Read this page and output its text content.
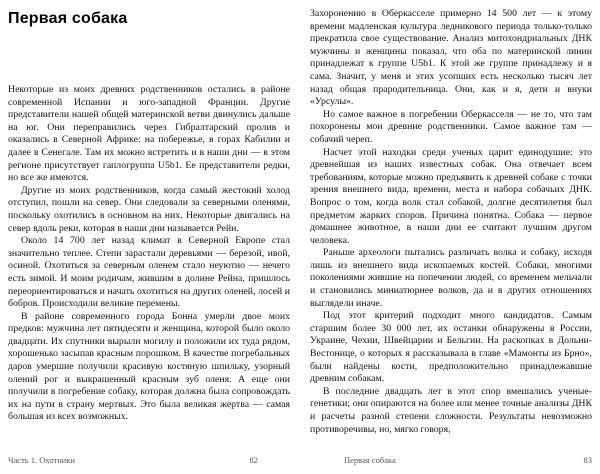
Первая собака

Некоторые из моих древних родственников остались в районе современной Испании и юго-западной Франции. Другие представители нашей общей материнской ветви двинулись дальше на юг. Они переправились через Гибралтарский пролив и оказались в Северной Африке: на побережье, в горах Кабилии и далее в Сенегале. Там их можно встретить и в наши дни — в этом регионе присутствует гаплогруппа U5b1. Ее представители редки, но все же имеются.

Другие из моих родственников, когда самый жестокий холод отступил, пошли на север. Они следовали за северными оленями, поскольку охотились в основном на них. Некоторые двигались на север вдоль реки, которая в наши дни называется Рейн.

Около 14 700 лет назад климат в Северной Европе стал значительно теплее. Степи зарастали деревьями — березой, ивой, осиной. Охотиться за северным оленем стало неуютно — нечего есть зимой. И моим родичам, жившим в долине Рейна, пришлось переориентироваться и начать охотиться на других оленей, лосей и бобров. Происходили великие перемены.

В районе современного города Бонна умерли двое моих предков: мужчина лет пятидесяти и женщина, которой было около двадцати. Их спутники вырыли могилу и положили их туда рядом, хорошенько засыпав красным порошком. В качестве погребальных даров умершие получили красивую костяную шпильку, узорный олений рог и выкрашенный красным зуб оленя. А еще они получили в погребение собаку, которая должна была сопровождать их на пути в страну мертвых. Это была великая жертва — самая большая из всех возможных.

Часть 1. Охотники	82

Захоронению в Оберкасселе примерно 14 500 лет — к этому времени мадленская культура ледникового периода только-только прекратила свое существование. Анализ митохондриальных ДНК мужчины и женщины показал, что оба по материнской линии принадлежат к группе U5b1. К этой же группе принадлежу и я сама. Значит, у меня и этих усопших есть несколько тысяч лет назад общая прародительница. Они, как и я, дети и внуки «Урсулы».

Но самое важное в погребении Оберкасселя — не то, что там похоронены мои древние родственники. Самое важное там — собачий череп.

Насчет этой находки среди ученых царит единодушие: это древнейшая из наших известных собак. Она отвечает всем требованиям, которые можно предъявить к древней собаке с точки зрения внешнего вида, времени, места и набора собачьих ДНК. Вопрос о том, когда волк стал собакой, долгие десятилетия был предметом жарких споров. Причина понятна. Собака — первое домашнее животное, в наши дни ее считают лучшим другом человека.

Раньше археологи пытались различать волка и собаку, исходя лишь из внешнего вида ископаемых костей. Собаки, многими поколениями жившие на попечении людей, со временем мельчали и становились миниатюрнее волков, да и в других отношениях выглядели иначе.

Под этот критерий подходит много кандидатов. Самым старшим более 30 000 лет, их останки обнаружены в России, Украине, Чехии, Швейцарии и Бельгии. На раскопках в Дольни-Вестонице, о которых я рассказывала в главе «Мамонты из Брно», были найдены кости, предположительно принадлежавшие древним собакам.

В последние двадцать лет в этот спор вмешались ученые-генетики; они опираются на более или менее точные анализы ДНК и расчеты разной степени сложности. Результаты невозможно противоречивы, но, мягко говоря,

Первая собака	83
